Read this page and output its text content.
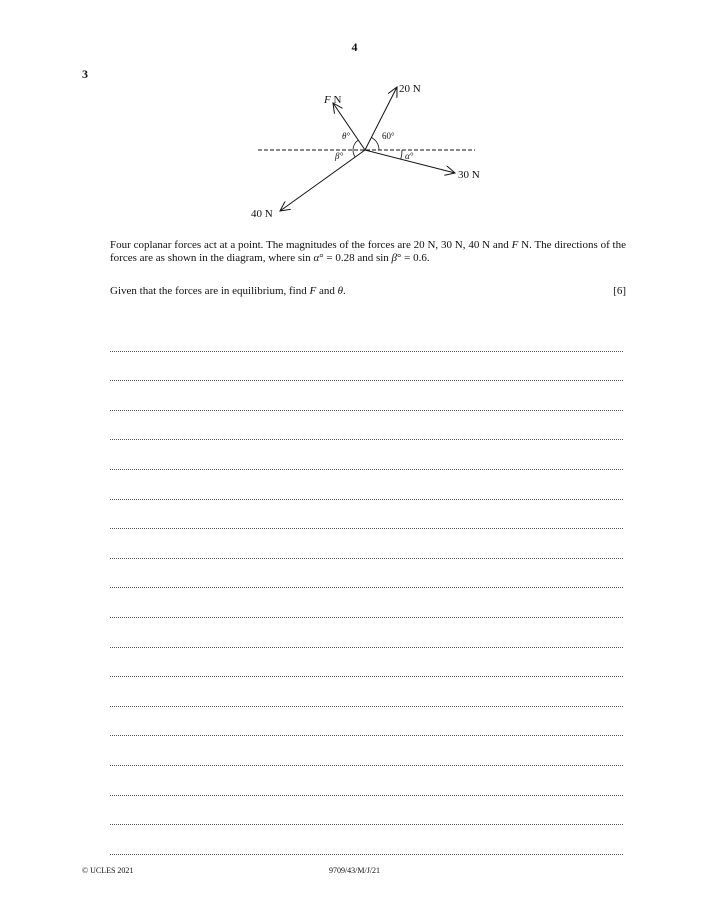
4
3
20 N
F N
30 N
40 N
θ°	60°
β°	α°
Four coplanar forces act at a point. The magnitudes of the forces are 20 N, 30 N, 40 N and F N. The directions of the forces are as shown in the diagram, where sin α° = 0.28 and sin β° = 0.6.
Given that the forces are in equilibrium, find F and θ.	[6]
© UCLES 2021	9709/43/M/J/21
